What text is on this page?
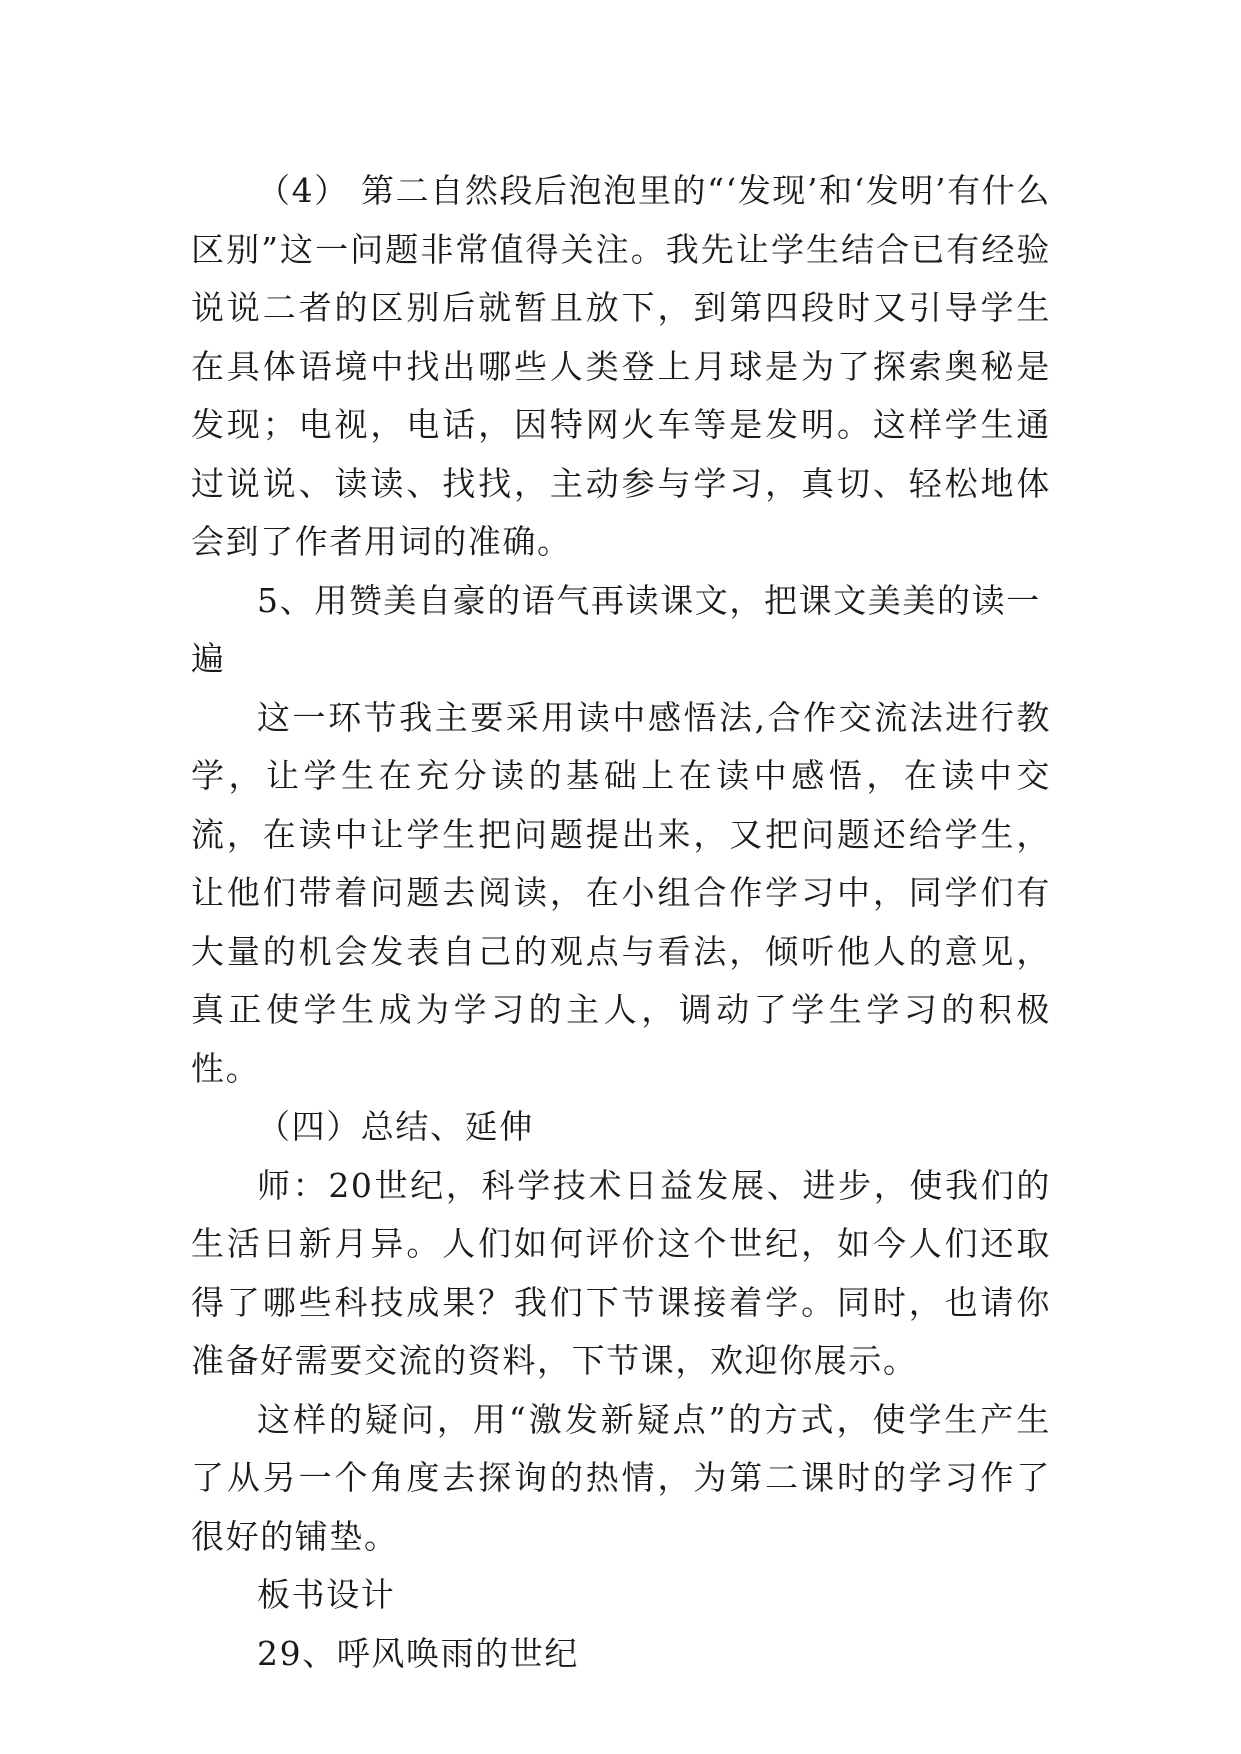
（4） 第二自然段后泡泡里的“‘发现’和‘发明’有什么区别”这一问题非常值得关注。我先让学生结合已有经验说说二者的区别后就暂且放下，到第四段时又引导学生在具体语境中找出哪些人类登上月球是为了探索奥秘是发现；电视，电话，因特网火车等是发明。这样学生通过说说、读读、找找，主动参与学习，真切、轻松地体会到了作者用词的准确。

5、用赞美自豪的语气再读课文，把课文美美的读一遍

这一环节我主要采用读中感悟法,合作交流法进行教学，让学生在充分读的基础上在读中感悟，在读中交流，在读中让学生把问题提出来，又把问题还给学生，让他们带着问题去阅读，在小组合作学习中，同学们有大量的机会发表自己的观点与看法，倾听他人的意见，真正使学生成为学习的主人，调动了学生学习的积极性。

（四）总结、延伸

师：20世纪，科学技术日益发展、进步，使我们的生活日新月异。人们如何评价这个世纪，如今人们还取得了哪些科技成果？我们下节课接着学。同时，也请你准备好需要交流的资料，下节课，欢迎你展示。

这样的疑问，用“激发新疑点”的方式，使学生产生了从另一个角度去探询的热情，为第二课时的学习作了很好的铺垫。

板书设计

29、呼风唤雨的世纪
